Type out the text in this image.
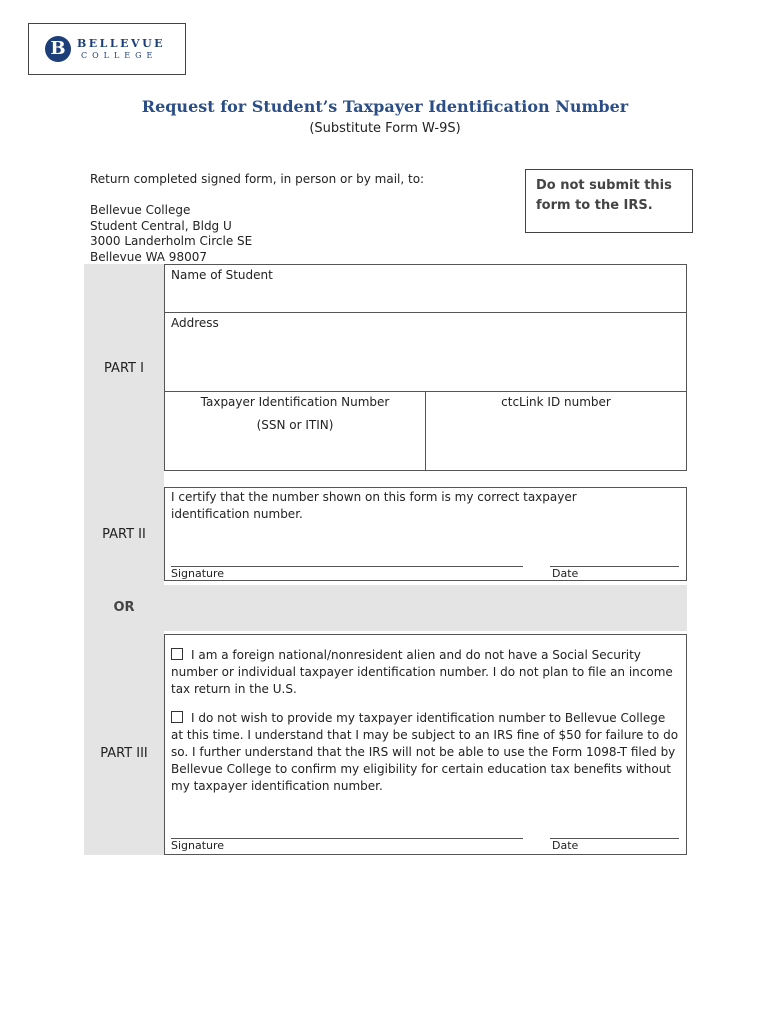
B	BELLEVUE
COLLEGE
Request for Student’s Taxpayer Identification Number
(Substitute Form W-9S)
Return completed signed form, in person or by mail, to:
Bellevue College
Student Central, Bldg U
3000 Landerholm Circle SE
Bellevue WA 98007
Do not submit this form to the IRS.
PART I
Name of Student
Address
Taxpayer Identification Number
(SSN or ITIN)
ctcLink ID number
PART II
I certify that the number shown on this form is my correct taxpayer identification number.
Signature	Date
OR
PART III
I am a foreign national/nonresident alien and do not have a Social Security number or individual taxpayer identification number. I do not plan to file an income tax return in the U.S.
I do not wish to provide my taxpayer identification number to Bellevue College at this time. I understand that I may be subject to an IRS fine of $50 for failure to do so. I further understand that the IRS will not be able to use the Form 1098-T filed by Bellevue College to confirm my eligibility for certain education tax benefits without my taxpayer identification number.
Signature	Date
